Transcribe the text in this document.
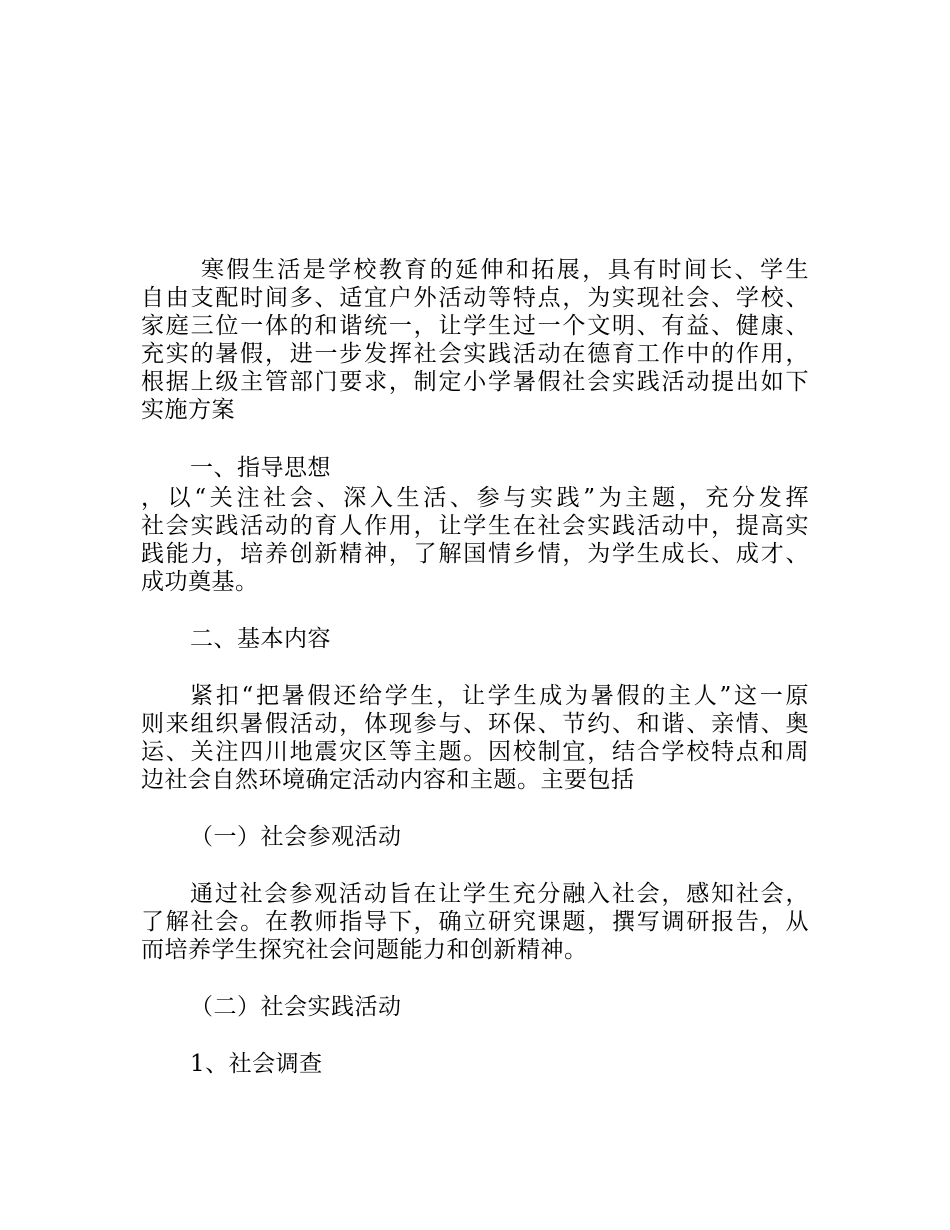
寒假生活是学校教育的延伸和拓展，具有时间长、学生
自由支配时间多、适宜户外活动等特点，为实现社会、学校、
家庭三位一体的和谐统一，让学生过一个文明、有益、健康、
充实的暑假，进一步发挥社会实践活动在德育工作中的作用，
根据上级主管部门要求，制定小学暑假社会实践活动提出如下
实施方案
一、指导思想
，以“关注社会、深入生活、参与实践”为主题，充分发挥
社会实践活动的育人作用，让学生在社会实践活动中，提高实
践能力，培养创新精神，了解国情乡情，为学生成长、成才、
成功奠基。
二、基本内容
紧扣“把暑假还给学生，让学生成为暑假的主人”这一原
则来组织暑假活动，体现参与、环保、节约、和谐、亲情、奥
运、关注四川地震灾区等主题。因校制宜，结合学校特点和周
边社会自然环境确定活动内容和主题。主要包括
（一）社会参观活动
通过社会参观活动旨在让学生充分融入社会，感知社会，
了解社会。在教师指导下，确立研究课题，撰写调研报告，从
而培养学生探究社会问题能力和创新精神。
（二）社会实践活动
1、社会调查
